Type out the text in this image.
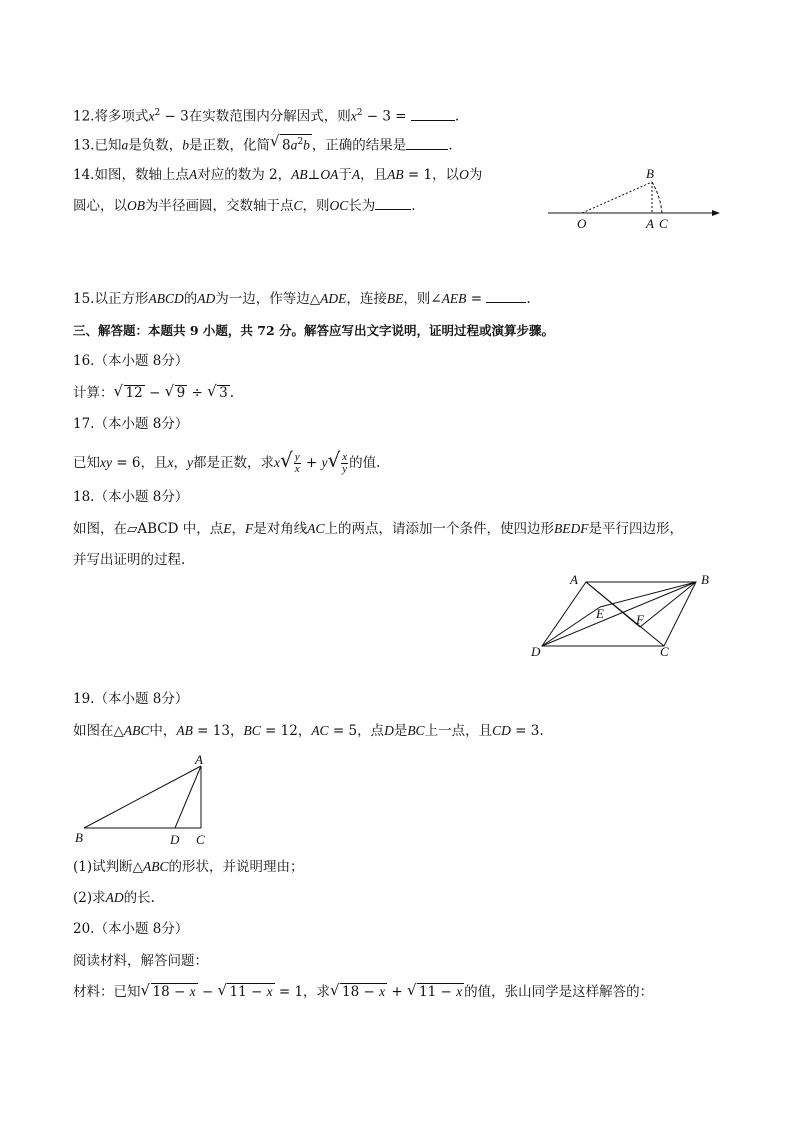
12.将多项式$x^2 - 3$在实数范围内分解因式，则$x^2 - 3$ =	.
13.已知a是负数，b是正数，化简 √ $8a^2b$ ，正确的结果是	.
14.如图，数轴上点A对应的数为 2，AB⊥OA于A，且AB = 1，以O为
圆心，以OB为半径画圆，交数轴于点C，则OC长为	.
B
O	A C
15.以正方形ABCD的AD为一边，作等边△ADE，连接BE，则∠AEB =	.
三、解答题：本题共 9 小题，共 72 分。解答应写出文字说明，证明过程或演算步骤。
16.（本小题 8分）
计算： √ 12 − √ 9 ÷ √ 3 .
17.（本小题 8分）
已知xy = 6，且x，y都是正数，求$x√ \frac{y}{x} + y√ \frac{x}{y}$ 的值.
18.（本小题 8分）
如图，在▱ABCD 中，点E，F是对角线AC上的两点，请添加一个条件，使四边形BEDF是平行四边形，
并写出证明的过程.
A	B
E F
D	C
19.（本小题 8分）
如图在△ABC中，AB = 13，BC = 12，AC = 5，点D是BC上一点，且CD = 3.
A
B	D C
(1)试判断△ABC的形状，并说明理由；
(2)求AD的长.
20.（本小题 8分）
阅读材料，解答问题：
材料：已知 √ 18 − x − √ 11 − x = 1，求 √ 18 − x + √ 11 − x 的值，张山同学是这样解答的：
